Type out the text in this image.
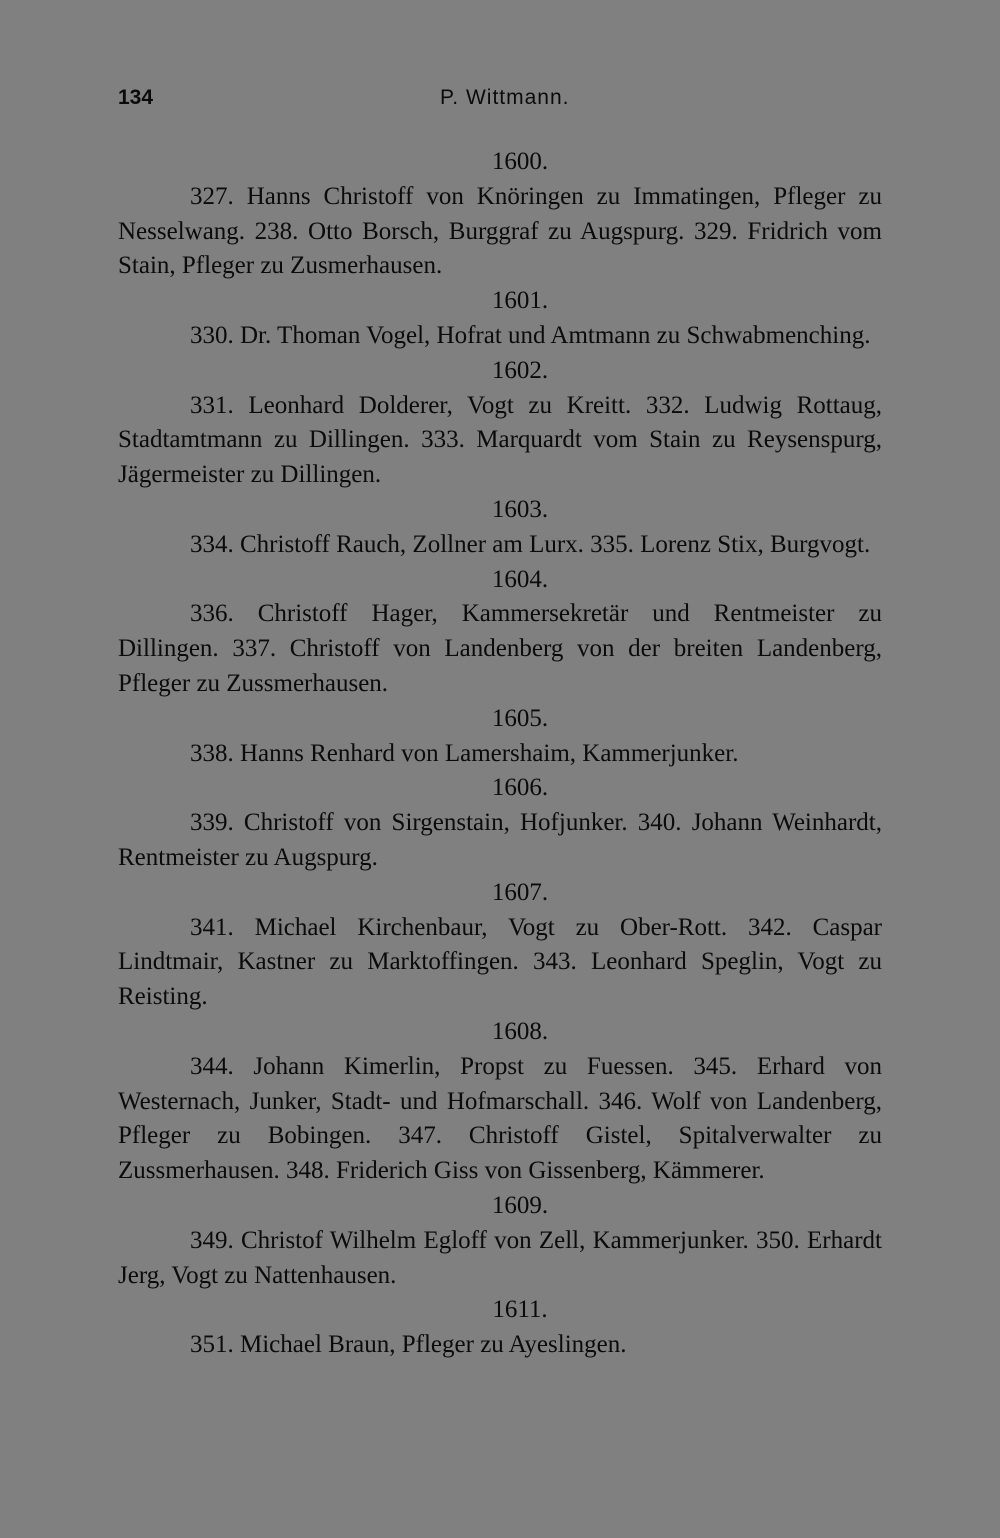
134	P. Wittmann.
1600.

327. Hanns Christoff von Knöringen zu Immatingen, Pfleger zu Nesselwang. 238. Otto Borsch, Burggraf zu Augspurg. 329. Fridrich vom Stain, Pfleger zu Zusmerhausen.

1601.

330. Dr. Thoman Vogel, Hofrat und Amtmann zu Schwabmenching.

1602.

331. Leonhard Dolderer, Vogt zu Kreitt. 332. Ludwig Rottaug, Stadtamtmann zu Dillingen. 333. Marquardt vom Stain zu Reysenspurg, Jägermeister zu Dillingen.

1603.

334. Christoff Rauch, Zollner am Lurx. 335. Lorenz Stix, Burgvogt.

1604.

336. Christoff Hager, Kammersekretär und Rentmeister zu Dillingen. 337. Christoff von Landenberg von der breiten Landenberg, Pfleger zu Zussmerhausen.

1605.

338. Hanns Renhard von Lamershaim, Kammerjunker.

1606.

339. Christoff von Sirgenstain, Hofjunker. 340. Johann Weinhardt, Rentmeister zu Augspurg.

1607.

341. Michael Kirchenbaur, Vogt zu Ober-Rott. 342. Caspar Lindtmair, Kastner zu Marktoffingen. 343. Leonhard Speglin, Vogt zu Reisting.

1608.

344. Johann Kimerlin, Propst zu Fuessen. 345. Erhard von Westernach, Junker, Stadt- und Hofmarschall. 346. Wolf von Landenberg, Pfleger zu Bobingen. 347. Christoff Gistel, Spitalverwalter zu Zussmerhausen. 348. Friderich Giss von Gissenberg, Kämmerer.

1609.

349. Christof Wilhelm Egloff von Zell, Kammerjunker. 350. Erhardt Jerg, Vogt zu Nattenhausen.

1611.

351. Michael Braun, Pfleger zu Ayeslingen.
